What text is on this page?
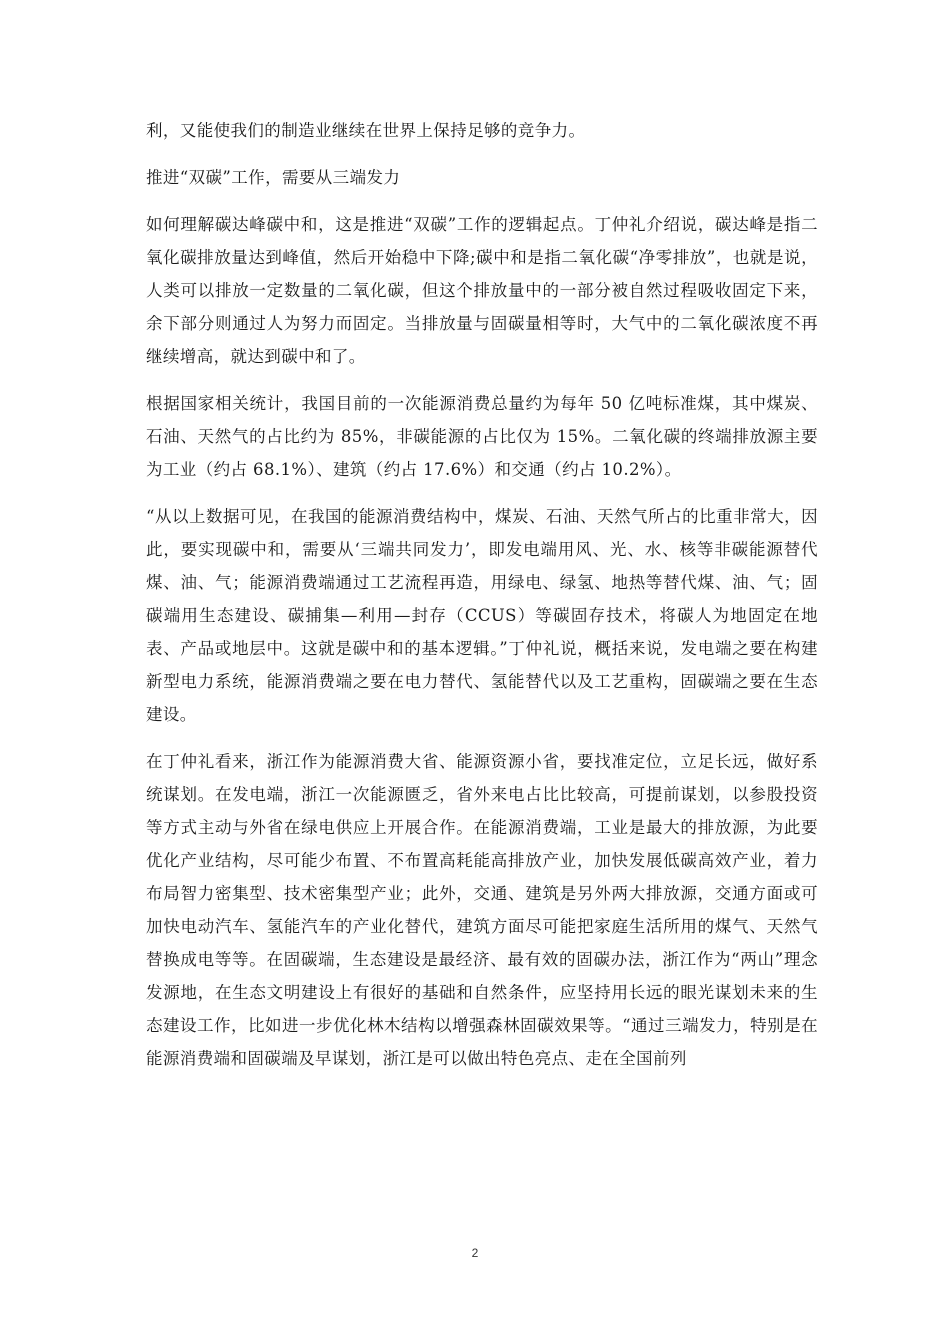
利，又能使我们的制造业继续在世界上保持足够的竞争力。

推进“双碳”工作，需要从三端发力

如何理解碳达峰碳中和，这是推进“双碳”工作的逻辑起点。丁仲礼介绍说，碳达峰是指二氧化碳排放量达到峰值，然后开始稳中下降;碳中和是指二氧化碳“净零排放”，也就是说，人类可以排放一定数量的二氧化碳，但这个排放量中的一部分被自然过程吸收固定下来，余下部分则通过人为努力而固定。当排放量与固碳量相等时，大气中的二氧化碳浓度不再继续增高，就达到碳中和了。

根据国家相关统计，我国目前的一次能源消费总量约为每年 50 亿吨标准煤，其中煤炭、石油、天然气的占比约为 85%，非碳能源的占比仅为 15%。二氧化碳的终端排放源主要为工业（约占 68.1%）、建筑（约占 17.6%）和交通（约占 10.2%）。

“从以上数据可见，在我国的能源消费结构中，煤炭、石油、天然气所占的比重非常大，因此，要实现碳中和，需要从‘三端共同发力’，即发电端用风、光、水、核等非碳能源替代煤、油、气；能源消费端通过工艺流程再造，用绿电、绿氢、地热等替代煤、油、气；固碳端用生态建设、碳捕集—利用—封存（CCUS）等碳固存技术，将碳人为地固定在地表、产品或地层中。这就是碳中和的基本逻辑。”丁仲礼说，概括来说，发电端之要在构建新型电力系统，能源消费端之要在电力替代、氢能替代以及工艺重构，固碳端之要在生态建设。

在丁仲礼看来，浙江作为能源消费大省、能源资源小省，要找准定位，立足长远，做好系统谋划。在发电端，浙江一次能源匮乏，省外来电占比比较高，可提前谋划，以参股投资等方式主动与外省在绿电供应上开展合作。在能源消费端，工业是最大的排放源，为此要优化产业结构，尽可能少布置、不布置高耗能高排放产业，加快发展低碳高效产业，着力布局智力密集型、技术密集型产业；此外，交通、建筑是另外两大排放源，交通方面或可加快电动汽车、氢能汽车的产业化替代，建筑方面尽可能把家庭生活所用的煤气、天然气替换成电等等。在固碳端，生态建设是最经济、最有效的固碳办法，浙江作为“两山”理念发源地，在生态文明建设上有很好的基础和自然条件，应坚持用长远的眼光谋划未来的生态建设工作，比如进一步优化林木结构以增强森林固碳效果等。“通过三端发力，特别是在能源消费端和固碳端及早谋划，浙江是可以做出特色亮点、走在全国前列

2
